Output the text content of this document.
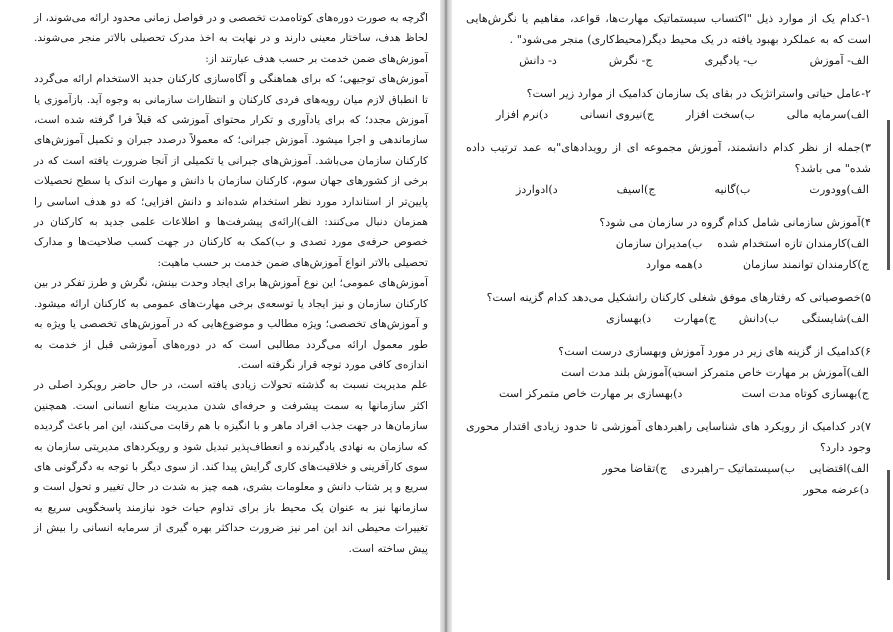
اگرچه به صورت دوره‌های کوتاه‌مدت تخصصی و در فواصل زمانی محدود ارائه می‌شوند، از لحاظ هدف، ساختار معینی دارند و در نهایت به اخذ مدرک تحصیلی بالاتر منجر می‌شوند. آموزش‌های ضمن خدمت بر حسب هدف عبارتند از:

آموزش‌های توجیهی؛ که برای هماهنگی و آگاه‌سازی کارکنان جدید الاستخدام ارائه می‌گردد تا انطباق لازم میان رویه‌های فردی کارکنان و انتظارات سازمانی به وجوه آید. بازآموزی یا آموزش مجدد؛ که برای یادآوری و تکرار محتوای آموزشی که قبلاً فرا گرفته شده است، سازماندهی و اجرا میشود. آموزش جبرانی؛ که معمولاً درصدد جبران و تکمیل آموزش‌های کارکنان سازمان می‌باشد. آموزش‌های جبرانی یا تکمیلی از آنجا ضرورت یافته است که در برخی از کشورهای جهان سوم، کارکنان سازمان با دانش و مهارت اندک یا سطح تحصیلات پایین‌تر از استاندارد مورد نظر استخدام شده‌اند و دانش افزایی؛ که دو هدف اساسی را همزمان دنبال می‌کنند: الف)ارائه‌ی پیشرفت‌ها و اطلاعات علمی جدید به کارکنان در خصوص حرفه‌ی مورد تصدی و ب)کمک به کارکنان در جهت کسب صلاحیت‌ها و مدارک تحصیلی بالاتر انواع آموزش‌های ضمن خدمت بر حسب ماهیت:

آموزش‌های عمومی؛ این نوع آموزش‌ها برای ایجاد وحدت بینش، نگرش و طرز تفکر در بین کارکنان سازمان و نیز ایجاد یا توسعه‌ی برخی مهارت‌های عمومی به کارکنان ارائه میشود. و آموزش‌های تخصصی؛ ویژه مطالب و موضوع‌هایی که در آموزش‌های تخصصی یا ویژه به طور معمول ارائه می‌گردد مطالبی است که در دوره‌های آموزشی قبل از خدمت به اندازه‌ی کافی مورد توجه قرار نگرفته است.

علم مدیریت نسبت به گذشته تحولات زیادی یافته است، در حال حاضر رویکرد اصلی در اکثر سازمانها به سمت پیشرفت و حرفه‌ای شدن مدیریت منابع انسانی است. همچنین سازمان‌ها در جهت جذب افراد ماهر و با انگیزه با هم رقابت می‌کنند، این امر باعث گردیده که سازمان به نهادی یادگیرنده و انعطاف‌پذیر تبدیل شود و رویکردهای مدیریتی سازمان به سوی کارآفرینی و خلاقیت‌های کاری گرایش پیدا کند. از سوی دیگر با توجه به دگرگونی های سریع و پر شتاب دانش و معلومات بشری، همه چیز به شدت در حال تغییر و تحول است و سازمانها نیز به عنوان یک محیط باز برای تداوم حیات خود نیازمند پاسخگویی سریع به تغییرات محیطی اند این امر نیز ضرورت حداکثر بهره گیری از سرمایه انسانی را بیش از پیش ساخته است.

۱-کدام یک از موارد ذیل "اکتساب سیستماتیک مهارت‌ها، قواعد، مفاهیم یا نگرش‌هایی است که به عملکرد بهبود یافته در یک محیط دیگر(محیط‌کاری) منجر می‌شود" .

الف- آموزش
ب- یادگیری
ج- نگرش
د- دانش

۲-عامل حیاتی واستراتژیک در بقای یک سازمان کدامیک از موارد زیر است؟

الف)سرمایه مالی
ب)سخت افزار
ج)نیروی انسانی
د)نرم افزار

۳)جمله از نظر کدام دانشمند، آموزش مجموعه ای از رویدادهای"به عمد ترتیب داده شده" می باشد؟

الف)وودورت
ب)گانیه
ج)اسیف
د)ادواردز

۴)آموزش سازمانی شامل کدام گروه در سازمان می شود؟

الف)کارمندان تازه استخدام شده
ب)مدیران سازمان
ج)کارمندان توانمند سازمان
د)همه موارد

۵)خصوصیاتی که رفتارهای موفق شغلی کارکنان راتشکیل می‌دهد کدام گزینه است؟

الف)شایستگی
ب)دانش
ج)مهارت
د)بهسازی

۶)کدامیک از گزینه های زیر در مورد آموزش وبهسازی درست است؟

الف)آموزش بر مهارت خاص متمرکز است
ب)آموزش بلند مدت است
ج)بهسازی کوتاه مدت است
د)بهسازی بر مهارت خاص متمرکز است

۷)در کدامیک از رویکرد های شناسایی راهبردهای آموزشی تا حدود زیادی اقتدار محوری وجود دارد؟

الف)اقتضایی
ب)سیستماتیک –راهبردی
ج)تقاضا محور
د)عرضه محور
